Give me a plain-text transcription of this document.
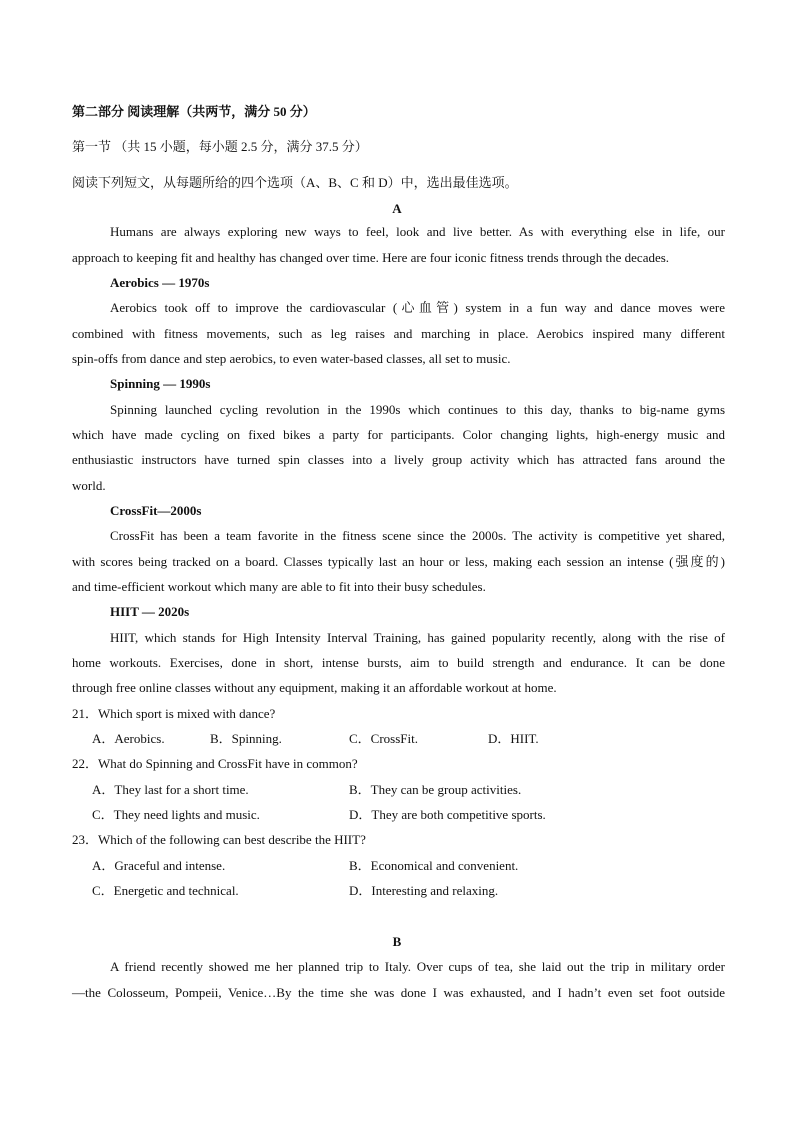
第二部分 阅读理解（共两节，满分 50 分）
第一节 （共 15 小题，每小题 2.5 分，满分 37.5 分）
阅读下列短文，从每题所给的四个选项（A、B、C 和 D）中，选出最佳选项。
A
Humans are always exploring new ways to feel, look and live better. As with everything else in life, our
approach to keeping fit and healthy has changed over time. Here are four iconic fitness trends through the decades.
Aerobics — 1970s
Aerobics took off to improve the cardiovascular (心血管) system in a fun way and dance moves were
combined with fitness movements, such as leg raises and marching in place. Aerobics inspired many different
spin-offs from dance and step aerobics, to even water-based classes, all set to music.
Spinning — 1990s
Spinning launched cycling revolution in the 1990s which continues to this day, thanks to big-name gyms
which have made cycling on fixed bikes a party for participants. Color changing lights, high-energy music and
enthusiastic instructors have turned spin classes into a lively group activity which has attracted fans around the
world.
CrossFit—2000s
CrossFit has been a team favorite in the fitness scene since the 2000s. The activity is competitive yet shared,
with scores being tracked on a board. Classes typically last an hour or less, making each session an intense (强度的)
and time-efficient workout which many are able to fit into their busy schedules.
HIIT — 2020s
HIIT, which stands for High Intensity Interval Training, has gained popularity recently, along with the rise of
home workouts. Exercises, done in short, intense bursts, aim to build strength and endurance. It can be done
through free online classes without any equipment, making it an affordable workout at home.
21．Which sport is mixed with dance?
A．Aerobics.	B．Spinning.	C．CrossFit.	D．HIIT.
22．What do Spinning and CrossFit have in common?
A．They last for a short time.	B．They can be group activities.
C．They need lights and music.	D．They are both competitive sports.
23．Which of the following can best describe the HIIT?
A．Graceful and intense.	B．Economical and convenient.
C．Energetic and technical.	D．Interesting and relaxing.
B
A friend recently showed me her planned trip to Italy. Over cups of tea, she laid out the trip in military order
—the Colosseum, Pompeii, Venice…By the time she was done I was exhausted, and I hadn’t even set foot outside
